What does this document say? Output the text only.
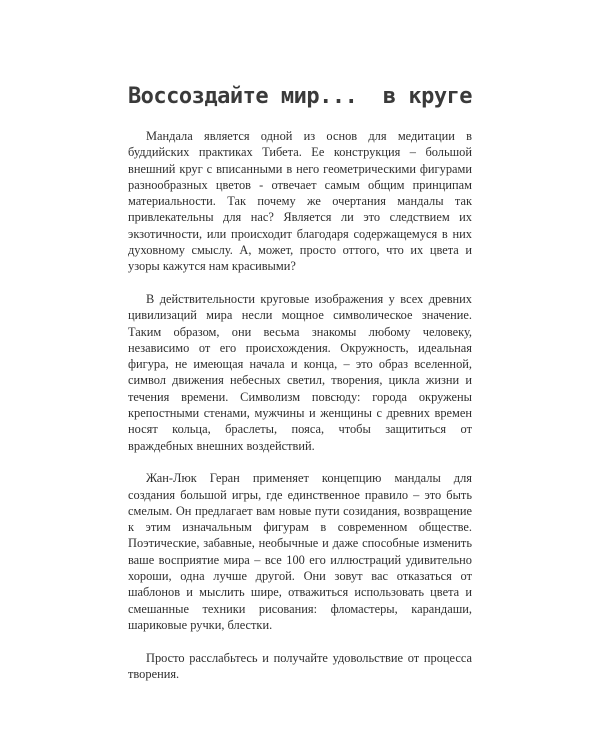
Воссоздайте мир...  в круге

Мандала является одной из основ для медитации в буддийских практиках Тибета. Ее конструкция – большой внешний круг с вписанными в него геометрическими фигурами разнообразных цветов - отвечает самым общим принципам материальности. Так почему же очертания мандалы так привлекательны для нас? Является ли это следствием их экзотичности, или происходит благодаря содержащемуся в них духовному смыслу. А, может, просто оттого, что их цвета и узоры кажутся нам красивыми?

В действительности круговые изображения у всех древних цивилизаций мира несли мощное символическое значение. Таким образом, они весьма знакомы любому человеку, независимо от его происхождения. Окружность, идеальная фигура, не имеющая начала и конца, – это образ вселенной, символ движения небесных светил, творения, цикла жизни и течения времени. Символизм повсюду: города окружены крепостными стенами, мужчины и женщины с древних времен носят кольца, браслеты, пояса, чтобы защититься от враждебных внешних воздействий.

Жан-Люк Геран применяет концепцию мандалы для создания большой игры, где единственное правило – это быть смелым. Он предлагает вам новые пути созидания, возвращение к этим изначальным фигурам в современном обществе. Поэтические, забавные, необычные и даже способные изменить ваше восприятие мира – все 100 его иллюстраций удивительно хороши, одна лучше другой. Они зовут вас отказаться от шаблонов и мыслить шире, отважиться использовать цвета и смешанные техники рисования: фломастеры, карандаши, шариковые ручки, блестки.

Просто расслабьтесь и получайте удовольствие от процесса творения.
